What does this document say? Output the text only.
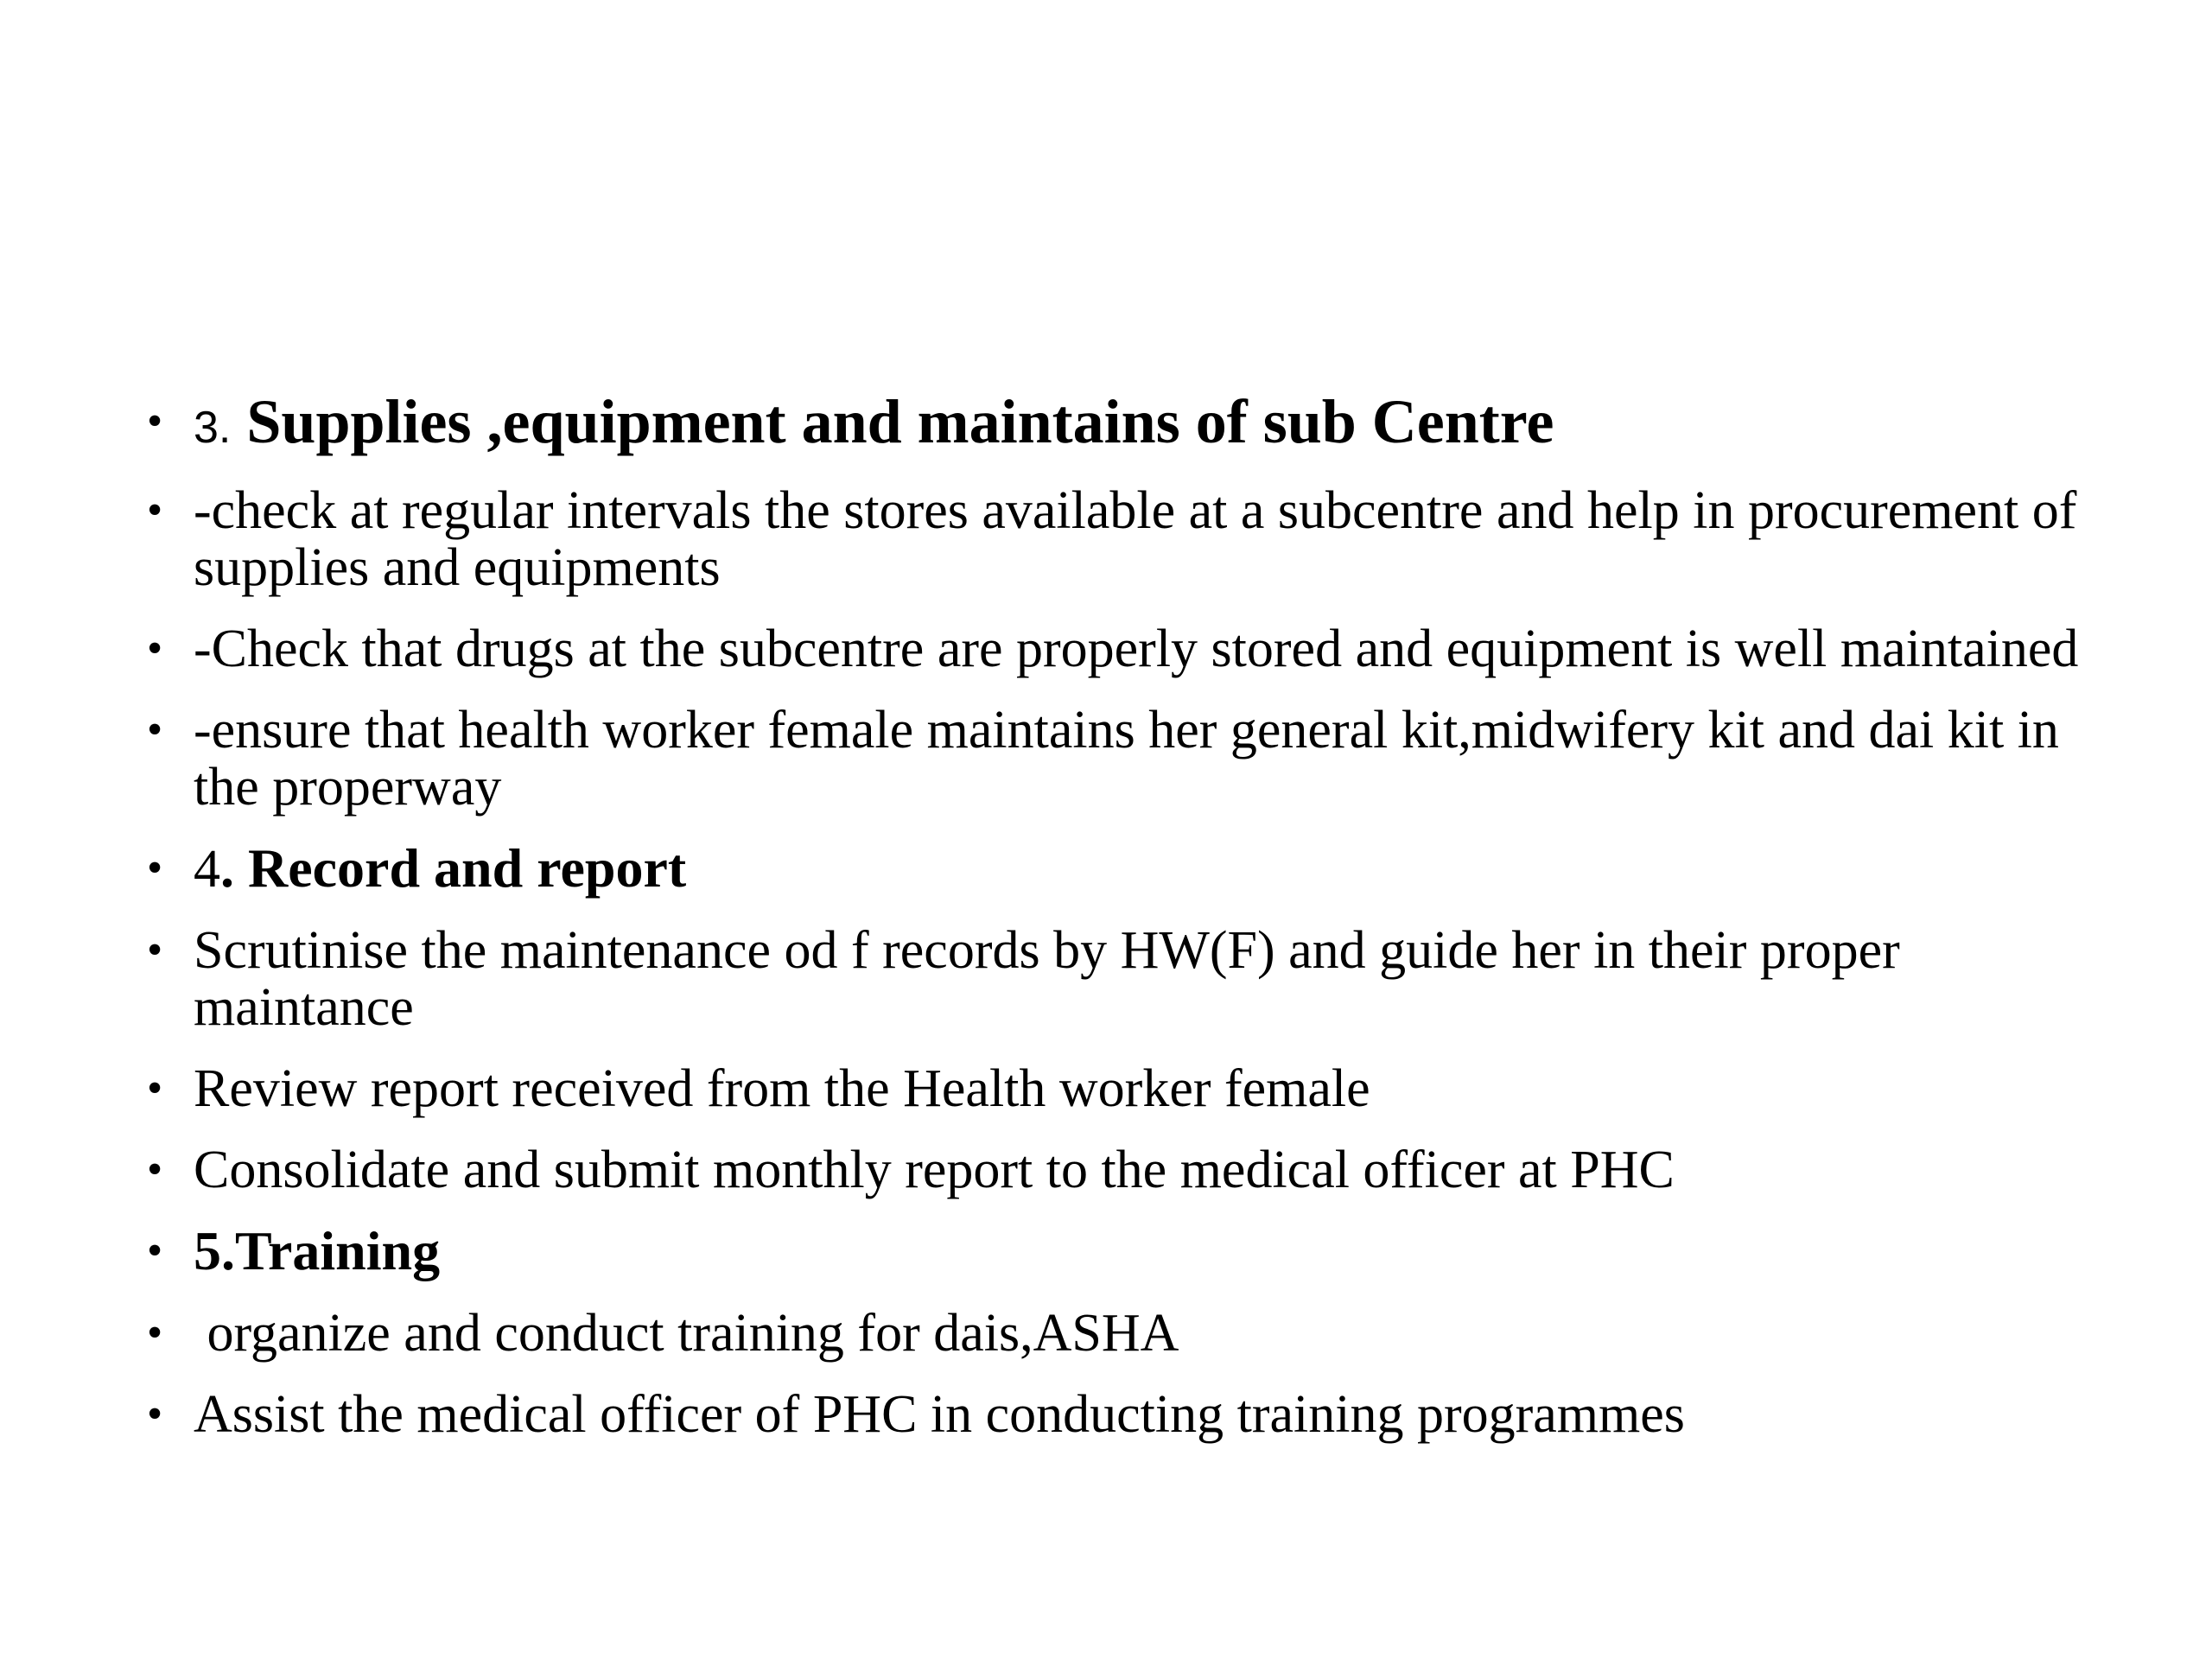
• 3. Supplies ,equipment and maintains of sub Centre
• -check at regular intervals the stores available at a subcentre and help in procurement of supplies and equipments
• -Check that drugs at the subcentre are properly stored and equipment is well maintained
• -ensure that health worker female maintains her general kit,midwifery kit and dai kit in the properway
• 4. Record and report
• Scrutinise the maintenance od f records by HW(F) and guide her in their proper maintance
• Review report received from the Health worker female
• Consolidate and submit monthly report to the medical officer at PHC
• 5.Training
•  organize and conduct training for dais,ASHA
• Assist the medical officer of PHC in conducting training programmes
